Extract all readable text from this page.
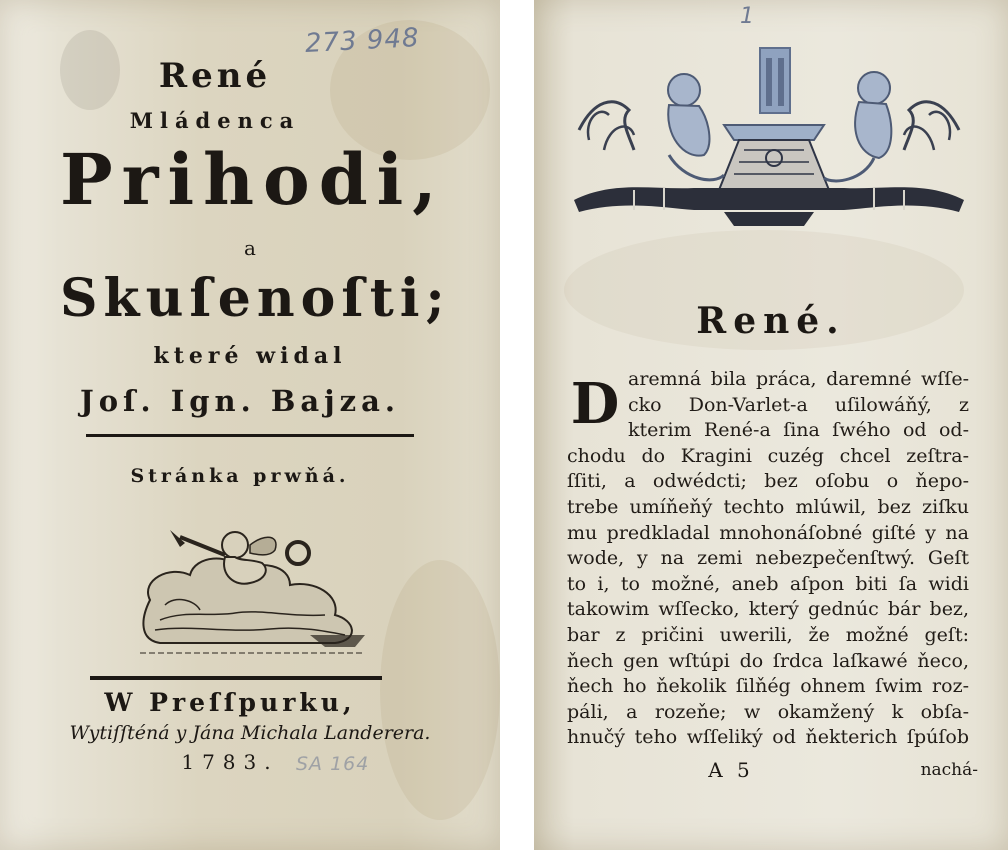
273 948
René
Mládenca
Prihodi,
a
Skuſenoſti;
které widal
Joſ. Ign. Bajza.
Stránka prwňá.
W Preſſpurku,
Wytiſſténá y Jána Michala Landerera.
1783. SA 164
1
René.
D aremná bila práca, daremné wſſe-
cko Don-Varlet-a uſilowáňý, z
kterim René-a ſina ſwého od od-
chodu do Kragini cuzég chcel zeſtra-
ſſiti, a odwédcti; bez oſobu o ňepo-
trebe umíňeňý techto mlúwil, bez ziſku
mu predkladal mnohonáſobné giſté y na
wode, y na zemi nebezpečenſtwý. Geſt
to i, to možné, aneb aſpon biti ſa widi
takowim wſſecko, který gednúc bár bez,
bar z pričini uwerili, že možné geſt:
ňech gen wſtúpi do ſrdca laſkawé ňeco,
ňech ho ňekolik ſilňég ohnem ſwim roz-
páli, a rozeňe; w okamžený k obſa-
hnučý teho wſſeliký od ňekterich ſpúſob
A 5	nachá-
